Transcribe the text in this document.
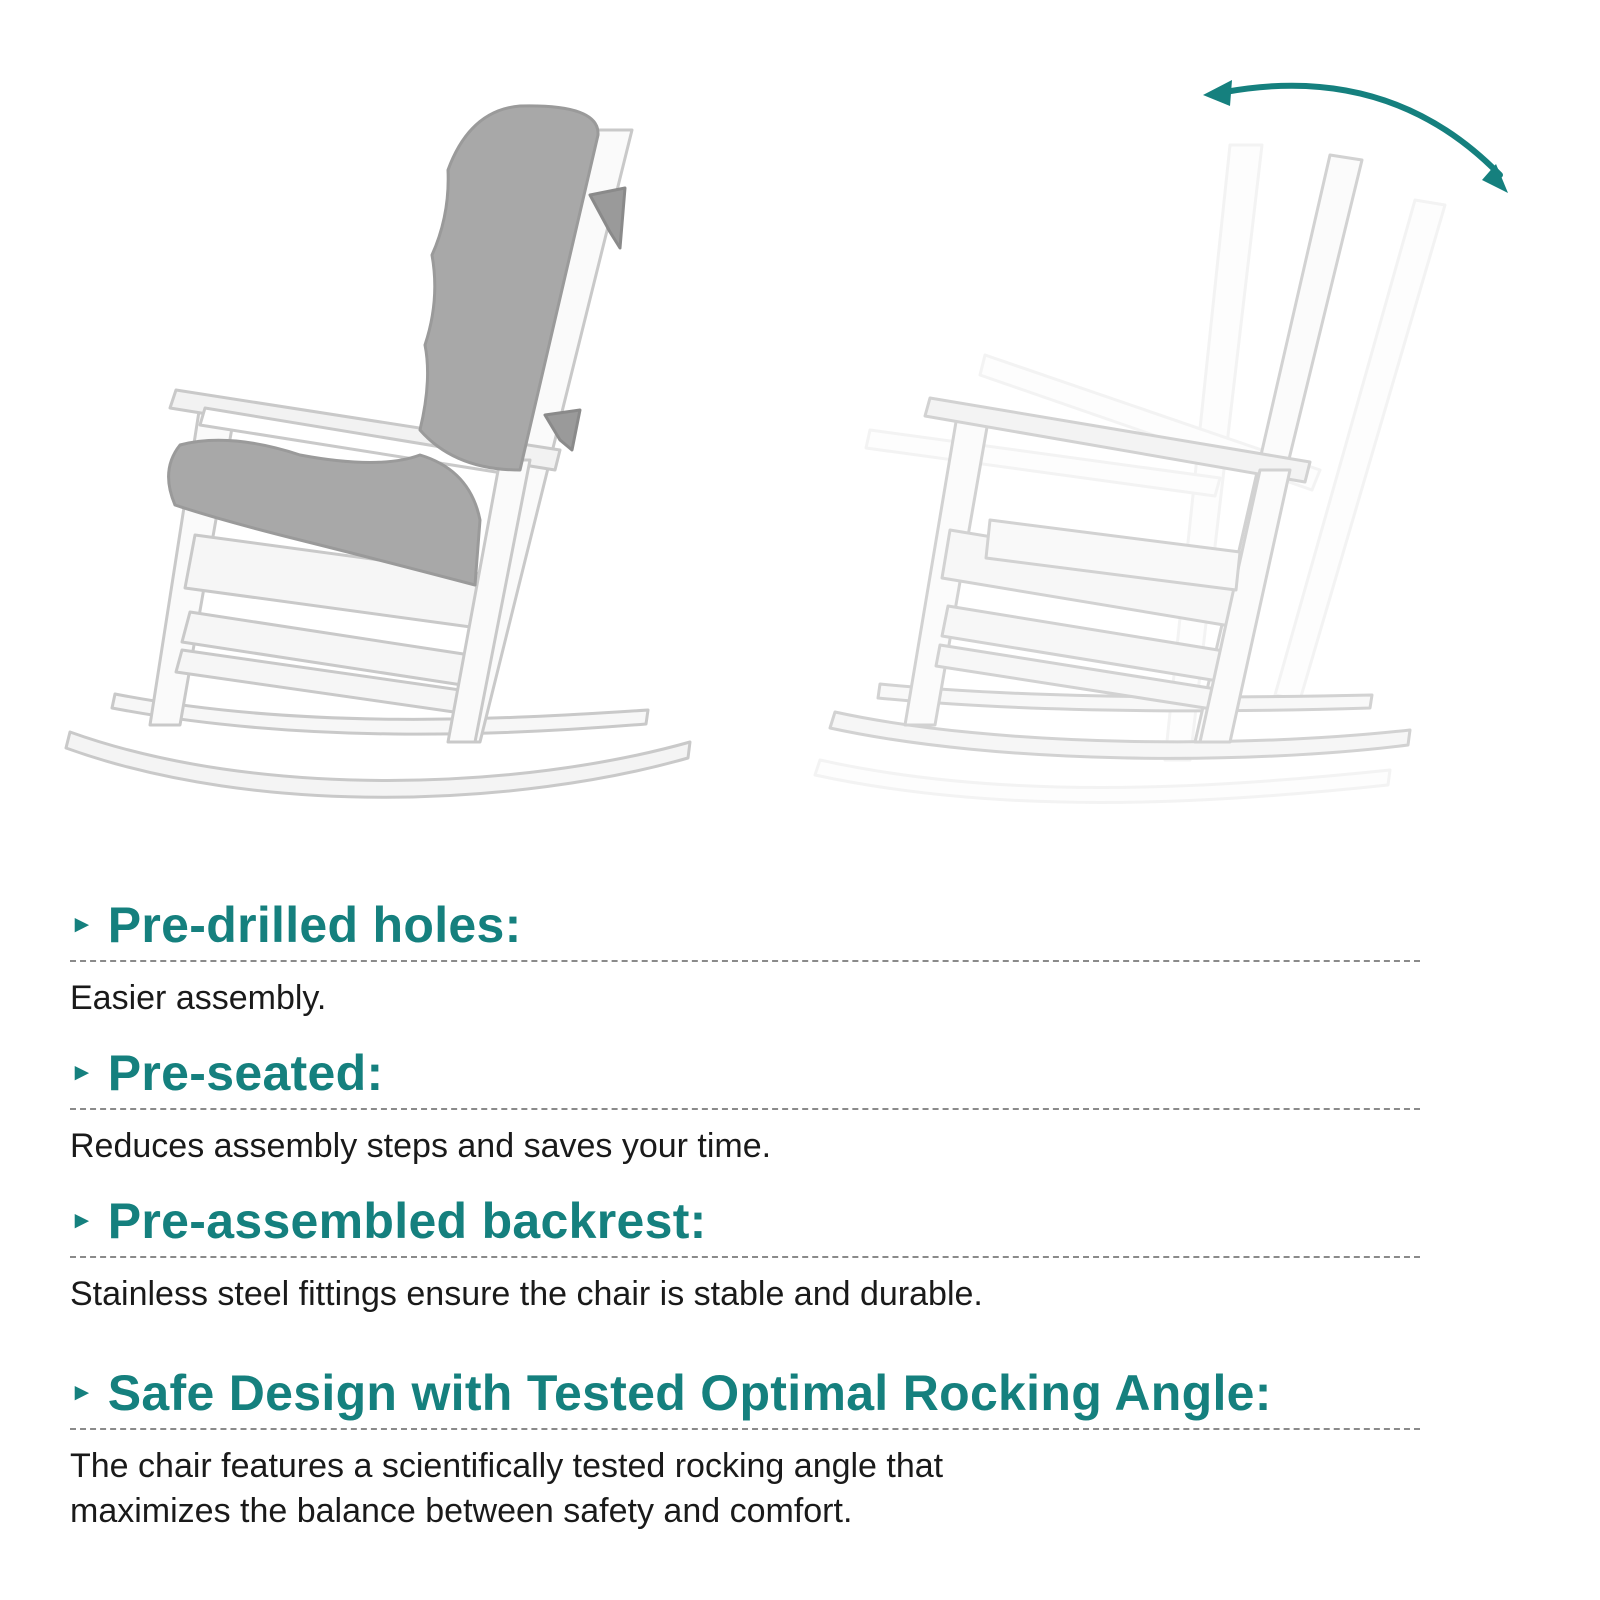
► Pre-drilled holes:
Easier assembly.
► Pre-seated:
Reduces assembly steps and saves your time.
► Pre-assembled backrest:
Stainless steel fittings ensure the chair is stable and durable.
► Safe Design with Tested Optimal Rocking Angle:
The chair features a scientifically tested rocking angle that
maximizes the balance between safety and comfort.
